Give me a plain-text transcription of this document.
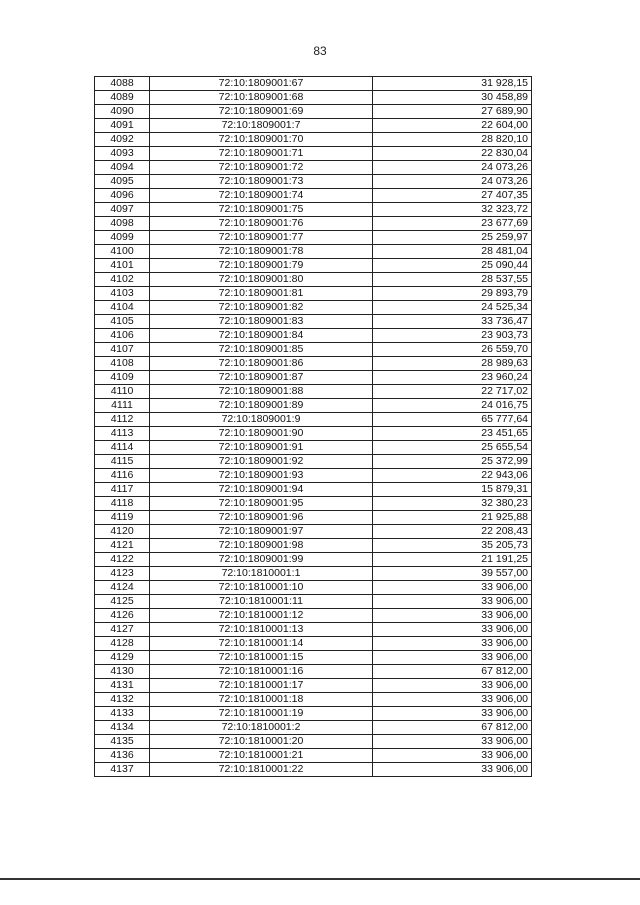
83
4088	72:10:1809001:67	31 928,15
4089	72:10:1809001:68	30 458,89
4090	72:10:1809001:69	27 689,90
4091	72:10:1809001:7	22 604,00
4092	72:10:1809001:70	28 820,10
4093	72:10:1809001:71	22 830,04
4094	72:10:1809001:72	24 073,26
4095	72:10:1809001:73	24 073,26
4096	72:10:1809001:74	27 407,35
4097	72:10:1809001:75	32 323,72
4098	72:10:1809001:76	23 677,69
4099	72:10:1809001:77	25 259,97
4100	72:10:1809001:78	28 481,04
4101	72:10:1809001:79	25 090,44
4102	72:10:1809001:80	28 537,55
4103	72:10:1809001:81	29 893,79
4104	72:10:1809001:82	24 525,34
4105	72:10:1809001:83	33 736,47
4106	72:10:1809001:84	23 903,73
4107	72:10:1809001:85	26 559,70
4108	72:10:1809001:86	28 989,63
4109	72:10:1809001:87	23 960,24
4110	72:10:1809001:88	22 717,02
4111	72:10:1809001:89	24 016,75
4112	72:10:1809001:9	65 777,64
4113	72:10:1809001:90	23 451,65
4114	72:10:1809001:91	25 655,54
4115	72:10:1809001:92	25 372,99
4116	72:10:1809001:93	22 943,06
4117	72:10:1809001:94	15 879,31
4118	72:10:1809001:95	32 380,23
4119	72:10:1809001:96	21 925,88
4120	72:10:1809001:97	22 208,43
4121	72:10:1809001:98	35 205,73
4122	72:10:1809001:99	21 191,25
4123	72:10:1810001:1	39 557,00
4124	72:10:1810001:10	33 906,00
4125	72:10:1810001:11	33 906,00
4126	72:10:1810001:12	33 906,00
4127	72:10:1810001:13	33 906,00
4128	72:10:1810001:14	33 906,00
4129	72:10:1810001:15	33 906,00
4130	72:10:1810001:16	67 812,00
4131	72:10:1810001:17	33 906,00
4132	72:10:1810001:18	33 906,00
4133	72:10:1810001:19	33 906,00
4134	72:10:1810001:2	67 812,00
4135	72:10:1810001:20	33 906,00
4136	72:10:1810001:21	33 906,00
4137	72:10:1810001:22	33 906,00
